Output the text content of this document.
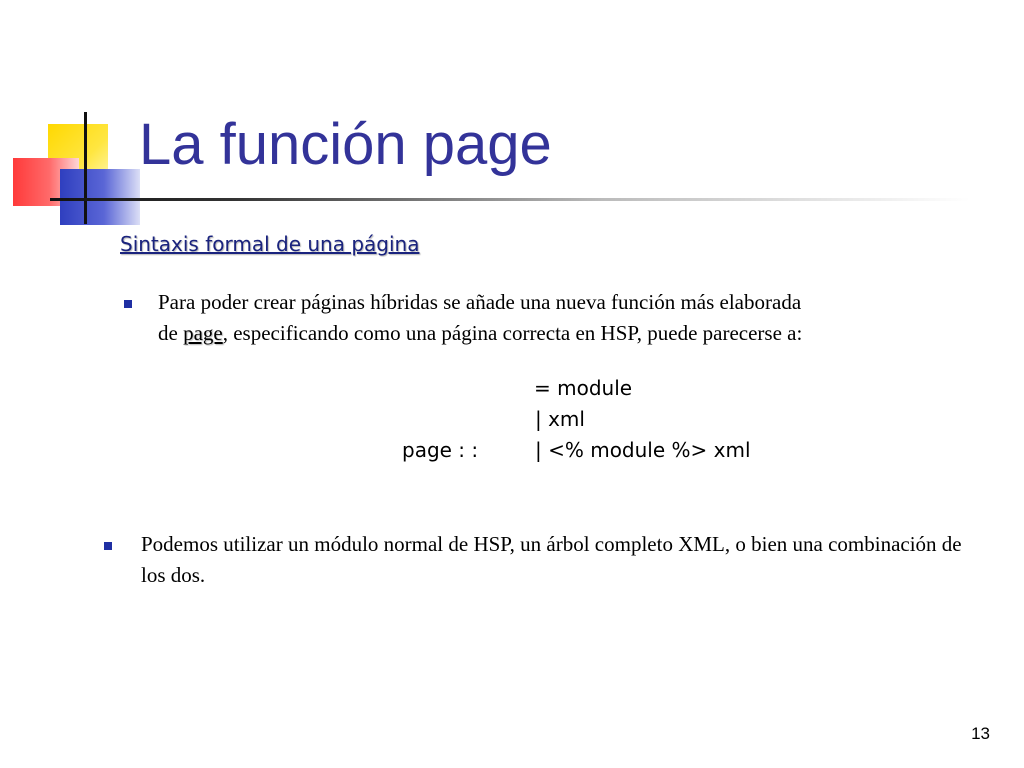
La función page
Sintaxis formal de una página
Para poder crear páginas híbridas se añade una nueva función más elaborada
de page, especificando como una página correcta en HSP, puede parecerse a:

page : :

= module

| xml

| <% module %> xml

Podemos utilizar un módulo normal de HSP, un árbol completo XML, o bien una combinación de los dos.
13
